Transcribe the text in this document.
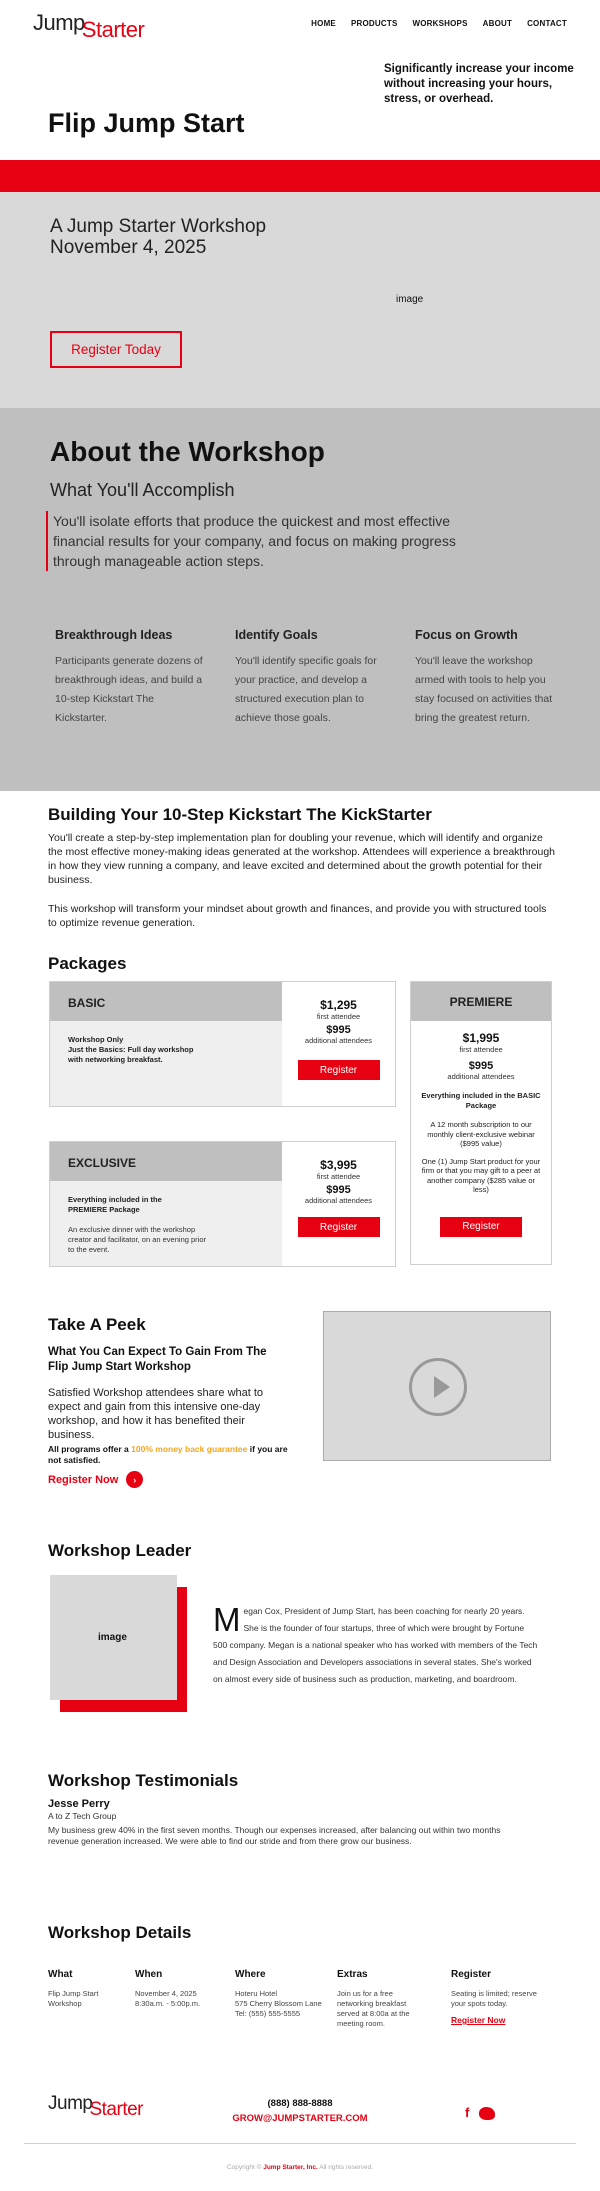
JumpStarter	HOME PRODUCTS WORKSHOPS ABOUT CONTACT
Significantly increase your income without increasing your hours, stress, or overhead.
Flip Jump Start
A Jump Starter Workshop
November 4, 2025
image
Register Today
About the Workshop
What You'll Accomplish
You'll isolate efforts that produce the quickest and most effective financial results for your company, and focus on making progress through manageable action steps.
Breakthrough Ideas

Participants generate dozens of breakthrough ideas, and build a 10-step Kickstart The Kickstarter.

Identify Goals

You'll identify specific goals for your practice, and develop a structured execution plan to achieve those goals.

Focus on Growth

You'll leave the workshop armed with tools to help you stay focused on activities that bring the greatest return.

Building Your 10-Step Kickstart The KickStarter

You'll create a step-by-step implementation plan for doubling your revenue, which will identify and organize the most effective money-making ideas generated at the workshop. Attendees will experience a breakthrough in how they view running a company, and leave excited and determined about the growth potential for their business.

This workshop will transform your mindset about growth and finances, and provide you with structured tools to optimize revenue generation.

Packages
BASIC
Workshop Only
Just the Basics: Full day workshop with networking breakfast.
$1,295
first attendee
$995
additional attendees
Register
EXCLUSIVE
Everything included in the PREMIERE Package
An exclusive dinner with the workshop creator and facilitator, on an evening prior to the event.
$3,995
first attendee
$995
additional attendees
Register
PREMIERE
$1,995
first attendee
$995
additional attendees
Everything included in the BASIC Package
A 12 month subscription to our monthly client-exclusive webinar ($995 value)
One (1) Jump Start product for your firm or that you may gift to a peer at another company ($285 value or less)
Register
Take A Peek
What You Can Expect To Gain From The Flip Jump Start Workshop
Satisfied Workshop attendees share what to expect and gain from this intensive one-day workshop, and how it has benefited their business.
All programs offer a 100% money back guarantee if you are not satisfied.
Register Now	›
Workshop Leader
image	Megan Cox, President of Jump Start, has been coaching for nearly 20 years. She is the founder of four startups, three of which were brought by Fortune 500 company. Megan is a national speaker who has worked with members of the Tech and Design Association and Developers associations in several states. She's worked on almost every side of business such as production, marketing, and boardroom.
Workshop Testimonials
Jesse Perry
A to Z Tech Group
My business grew 40% in the first seven months. Though our expenses increased, after balancing out within two months revenue generation increased. We were able to find our stride and from there grow our business.
Workshop Details
What

Flip Jump Start Workshop

When

November 4, 2025
8:30a.m. - 5:00p.m.

Where

Hoteru Hotel
575 Cherry Blossom Lane
Tel: (555) 555-5555

Extras

Join us for a free networking breakfast served at 8:00a at the meeting room.

Register

Seating is limited; reserve your spots today.

Register Now
JumpStarter	(888) 888-8888
GROW@JUMPSTARTER.COM	f
Copyright © Jump Starter, Inc. All rights reserved.
